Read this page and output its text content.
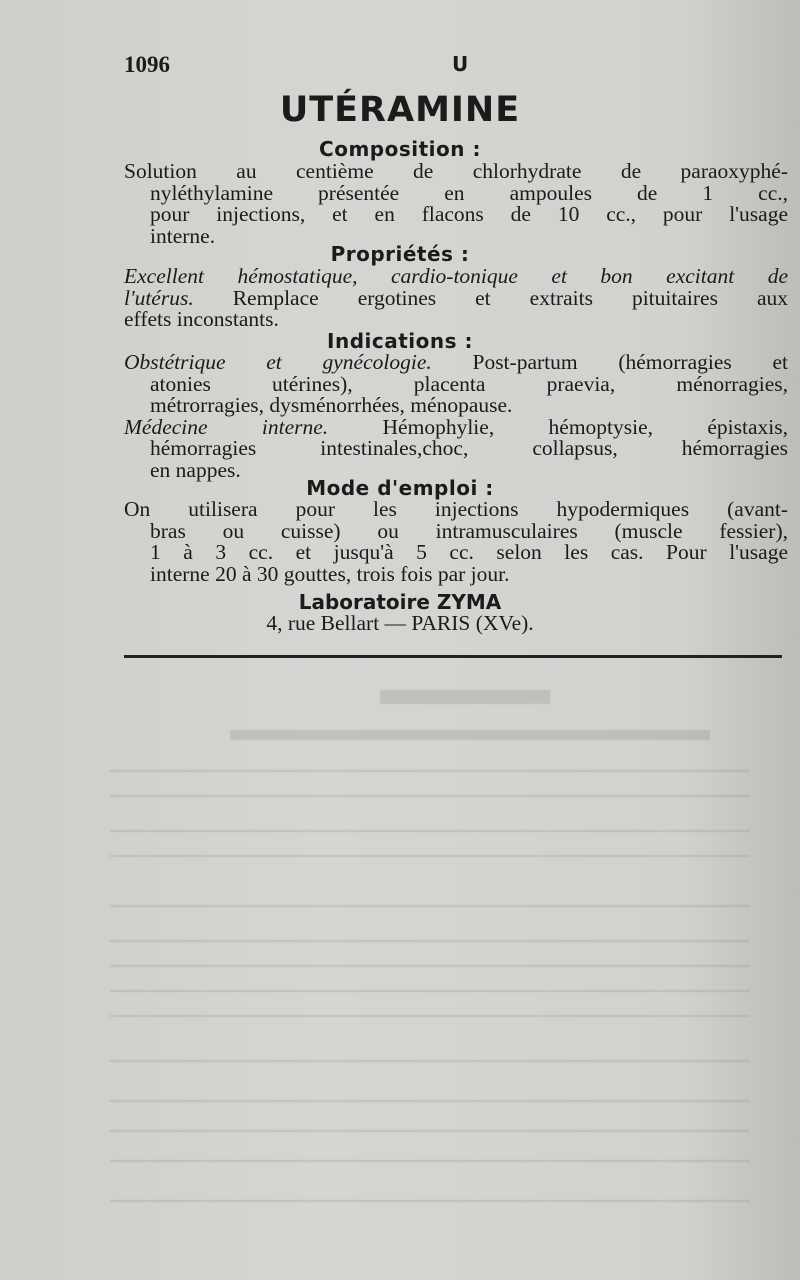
1096	U
UTÉRAMINE
Composition :
Solution au centième de chlorhydrate de paraoxyphé-
nyléthylamine présentée en ampoules de 1 cc.,
pour injections, et en flacons de 10 cc., pour l'usage
interne.
Propriétés :
Excellent hémostatique, cardio-tonique et bon excitant de
l'utérus. Remplace ergotines et extraits pituitaires aux
effets inconstants.
Indications :
Obstétrique et gynécologie. Post-partum (hémorragies et
atonies utérines), placenta praevia, ménorragies,
métrorragies, dysménorrhées, ménopause.
Médecine interne. Hémophylie, hémoptysie, épistaxis,
hémorragies intestinales,choc, collapsus, hémorragies
en nappes.
Mode d'emploi :
On utilisera pour les injections hypodermiques (avant-
bras ou cuisse) ou intramusculaires (muscle fessier),
1 à 3 cc. et jusqu'à 5 cc. selon les cas. Pour l'usage
interne 20 à 30 gouttes, trois fois par jour.
Laboratoire ZYMA
4, rue Bellart — PARIS (XVe).
